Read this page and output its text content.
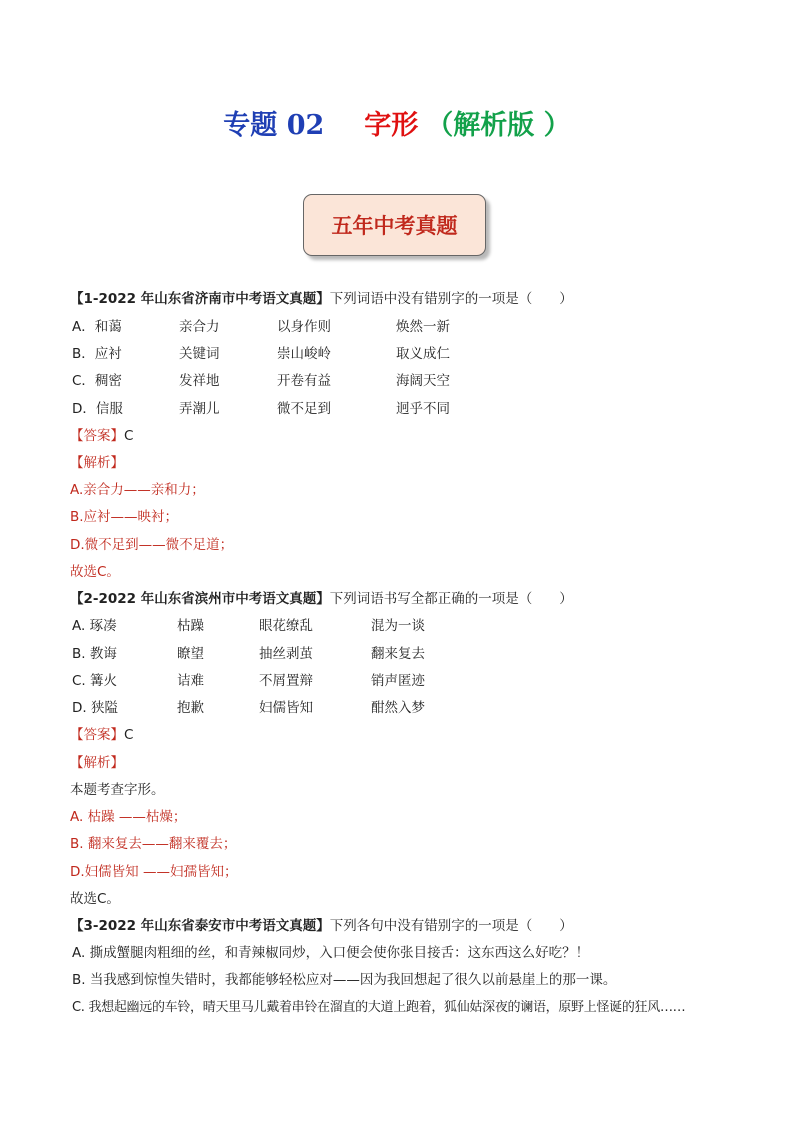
专题 02 字形 （解析版 ）
五年中考真题
【1-2022 年山东省济南市中考语文真题】下列词语中没有错别字的一项是（　　）
A．和蔼	亲合力	以身作则	焕然一新
B．应衬	关键词	崇山峻岭	取义成仁
C．稠密	发祥地	开卷有益	海阔天空
D．信服	弄潮儿	微不足到	迥乎不同
【答案】C
【解析】
A.亲合力——亲和力；
B.应衬——映衬；
D.微不足到——微不足道；
故选C。
【2-2022 年山东省滨州市中考语文真题】下列词语书写全都正确的一项是（　　）
A. 琢凑	枯躁	眼花缭乱	混为一谈
B. 教诲	瞭望	抽丝剥茧	翻来复去
C. 篝火	诘难	不屑置辩	销声匿迹
D. 狭隘	抱歉	妇儒皆知	酣然入梦
【答案】C
【解析】
本题考查字形。
A. 枯躁 ——枯燥；
B. 翻来复去——翻来覆去；
D.妇儒皆知 ——妇孺皆知；
故选C。
【3-2022 年山东省泰安市中考语文真题】下列各句中没有错别字的一项是（　　）
A. 撕成蟹腿肉粗细的丝，和青辣椒同炒，入口便会使你张目接舌：这东西这么好吃？！
B. 当我感到惊惶失错时，我都能够轻松应对——因为我回想起了很久以前悬崖上的那一课。
C. 我想起幽远的车铃，晴天里马儿戴着串铃在溜直的大道上跑着，狐仙姑深夜的谰语，原野上怪诞的狂风……
